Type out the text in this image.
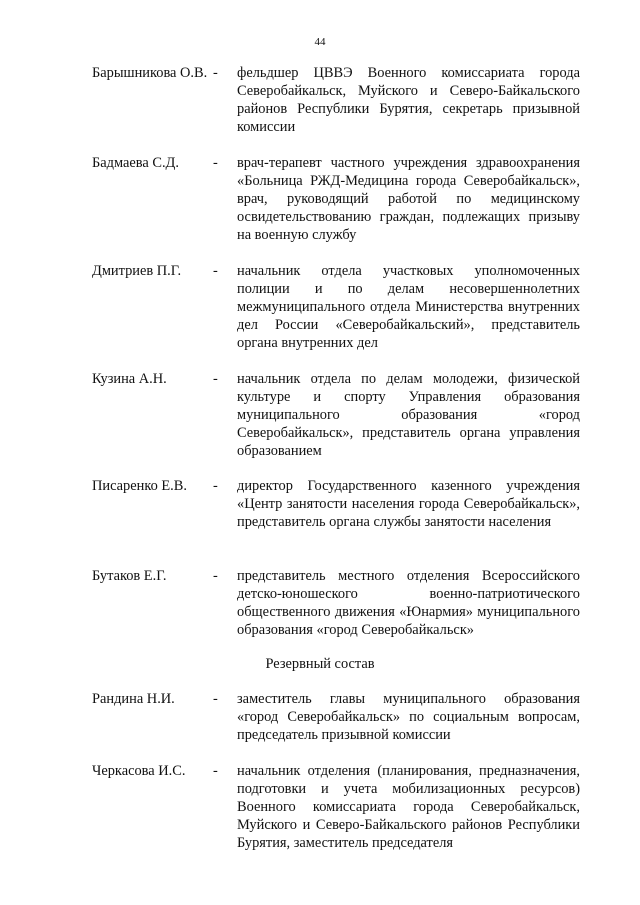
44
Барышникова О.В. - фельдшер ЦВВЭ Военного комиссариата города Северобайкальск, Муйского и Северо-Байкальского районов Республики Бурятия, секретарь призывной комиссии
Бадмаева С.Д.	- врач-терапевт частного учреждения здравоохранения «Больница РЖД-Медицина города Северобайкальск», врач, руководящий работой по медицинскому освидетельствованию граждан, подлежащих призыву на военную службу
Дмитриев П.Г.	- начальник отдела участковых уполномоченных полиции и по делам несовершеннолетних межмуниципального отдела Министерства внутренних дел России «Северобайкальский», представитель органа внутренних дел
Кузина А.Н.	- начальник отдела по делам молодежи, физической культуре и спорту Управления образования муниципального образования «город Северобайкальск», представитель органа управления образованием
Писаренко Е.В.	- директор Государственного казенного учреждения «Центр занятости населения города Северобайкальск», представитель органа службы занятости населения
Бутаков Е.Г.	- представитель местного отделения Всероссийского детско-юношеского военно-патриотического общественного движения «Юнармия» муниципального образования «город Северобайкальск»
Резервный состав
Рандина Н.И.	- заместитель главы муниципального образования «город Северобайкальск» по социальным вопросам, председатель призывной комиссии
Черкасова И.С.	- начальник отделения (планирования, предназначения, подготовки и учета мобилизационных ресурсов) Военного комиссариата города Северобайкальск, Муйского и Северо-Байкальского районов Республики Бурятия, заместитель председателя
